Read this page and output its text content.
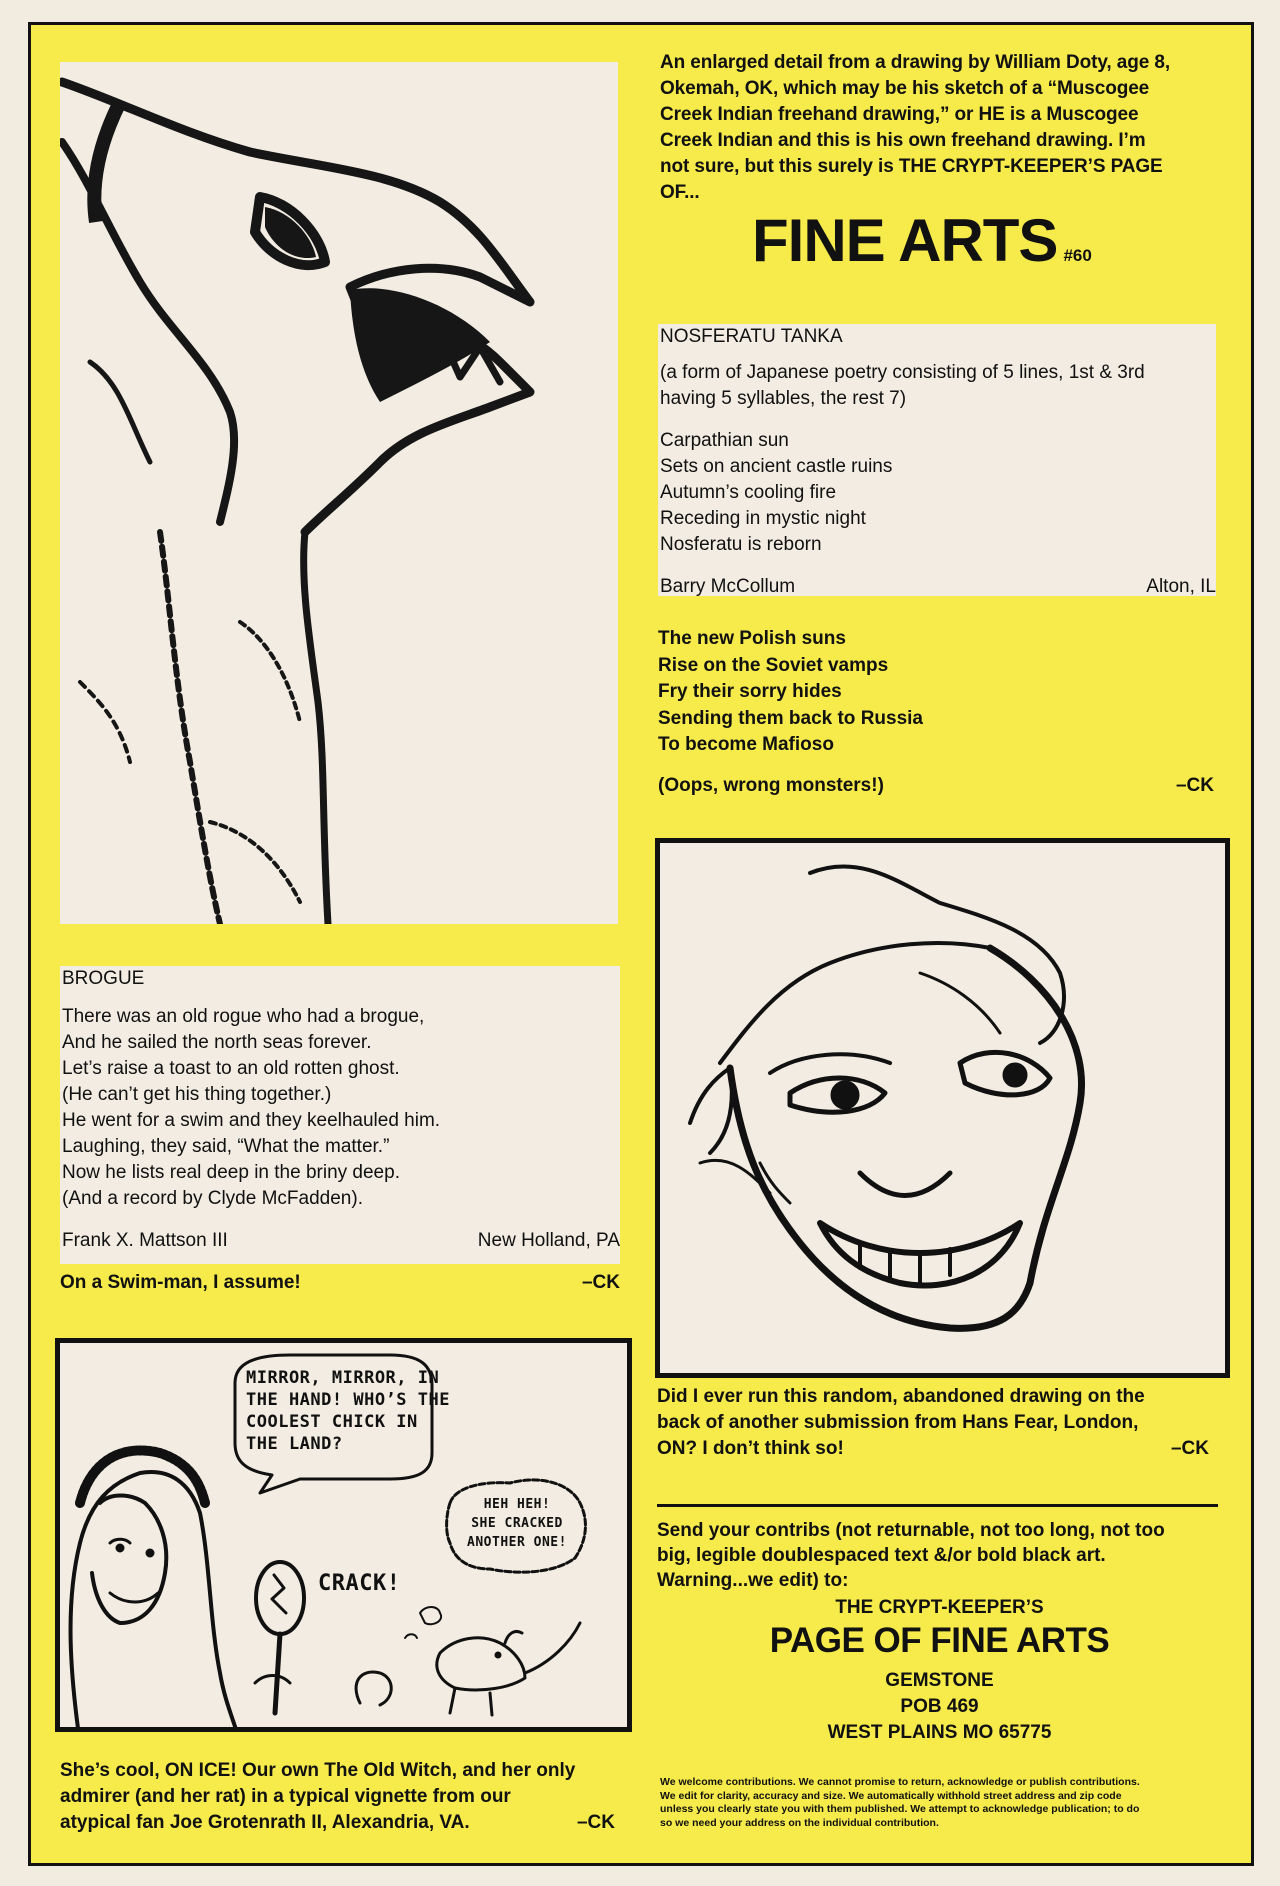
An enlarged detail from a drawing by William Doty, age 8,
Okemah, OK, which may be his sketch of a “Muscogee
Creek Indian freehand drawing,” or HE is a Muscogee
Creek Indian and this is his own freehand drawing. I’m
not sure, but this surely is THE CRYPT-KEEPER’S PAGE
OF...
FINE ARTS #60
NOSFERATU TANKA
(a form of Japanese poetry consisting of 5 lines, 1st & 3rd
having 5 syllables, the rest 7)
Carpathian sun
Sets on ancient castle ruins
Autumn’s cooling fire
Receding in mystic night
Nosferatu is reborn
Barry McCollum	Alton, IL
The new Polish suns
Rise on the Soviet vamps
Fry their sorry hides
Sending them back to Russia
To become Mafioso
(Oops, wrong monsters!)	–CK
Did I ever run this random, abandoned drawing on the
back of another submission from Hans Fear, London,
ON? I don’t think so!	–CK
Send your contribs (not returnable, not too long, not too
big, legible doublespaced text &/or bold black art.
Warning...we edit) to:
THE CRYPT-KEEPER’S
PAGE OF FINE ARTS
GEMSTONE
POB 469
WEST PLAINS MO 65775
We welcome contributions. We cannot promise to return, acknowledge or publish contributions.
We edit for clarity, accuracy and size. We automatically withhold street address and zip code
unless you clearly state you with them published. We attempt to acknowledge publication; to do
so we need your address on the individual contribution.
BROGUE
There was an old rogue who had a brogue,
And he sailed the north seas forever.
Let’s raise a toast to an old rotten ghost.
(He can’t get his thing together.)
He went for a swim and they keelhauled him.
Laughing, they said, “What the matter.”
Now he lists real deep in the briny deep.
(And a record by Clyde McFadden).
Frank X. Mattson III	New Holland, PA
On a Swim-man, I assume!	–CK
MIRROR, MIRROR, IN
THE HAND! WHO’S THE
COOLEST CHICK IN
THE LAND?
CRACK!
HEH HEH!
SHE CRACKED
ANOTHER ONE!
She’s cool, ON ICE! Our own The Old Witch, and her only
admirer (and her rat) in a typical vignette from our
atypical fan Joe Grotenrath II, Alexandria, VA.	–CK
